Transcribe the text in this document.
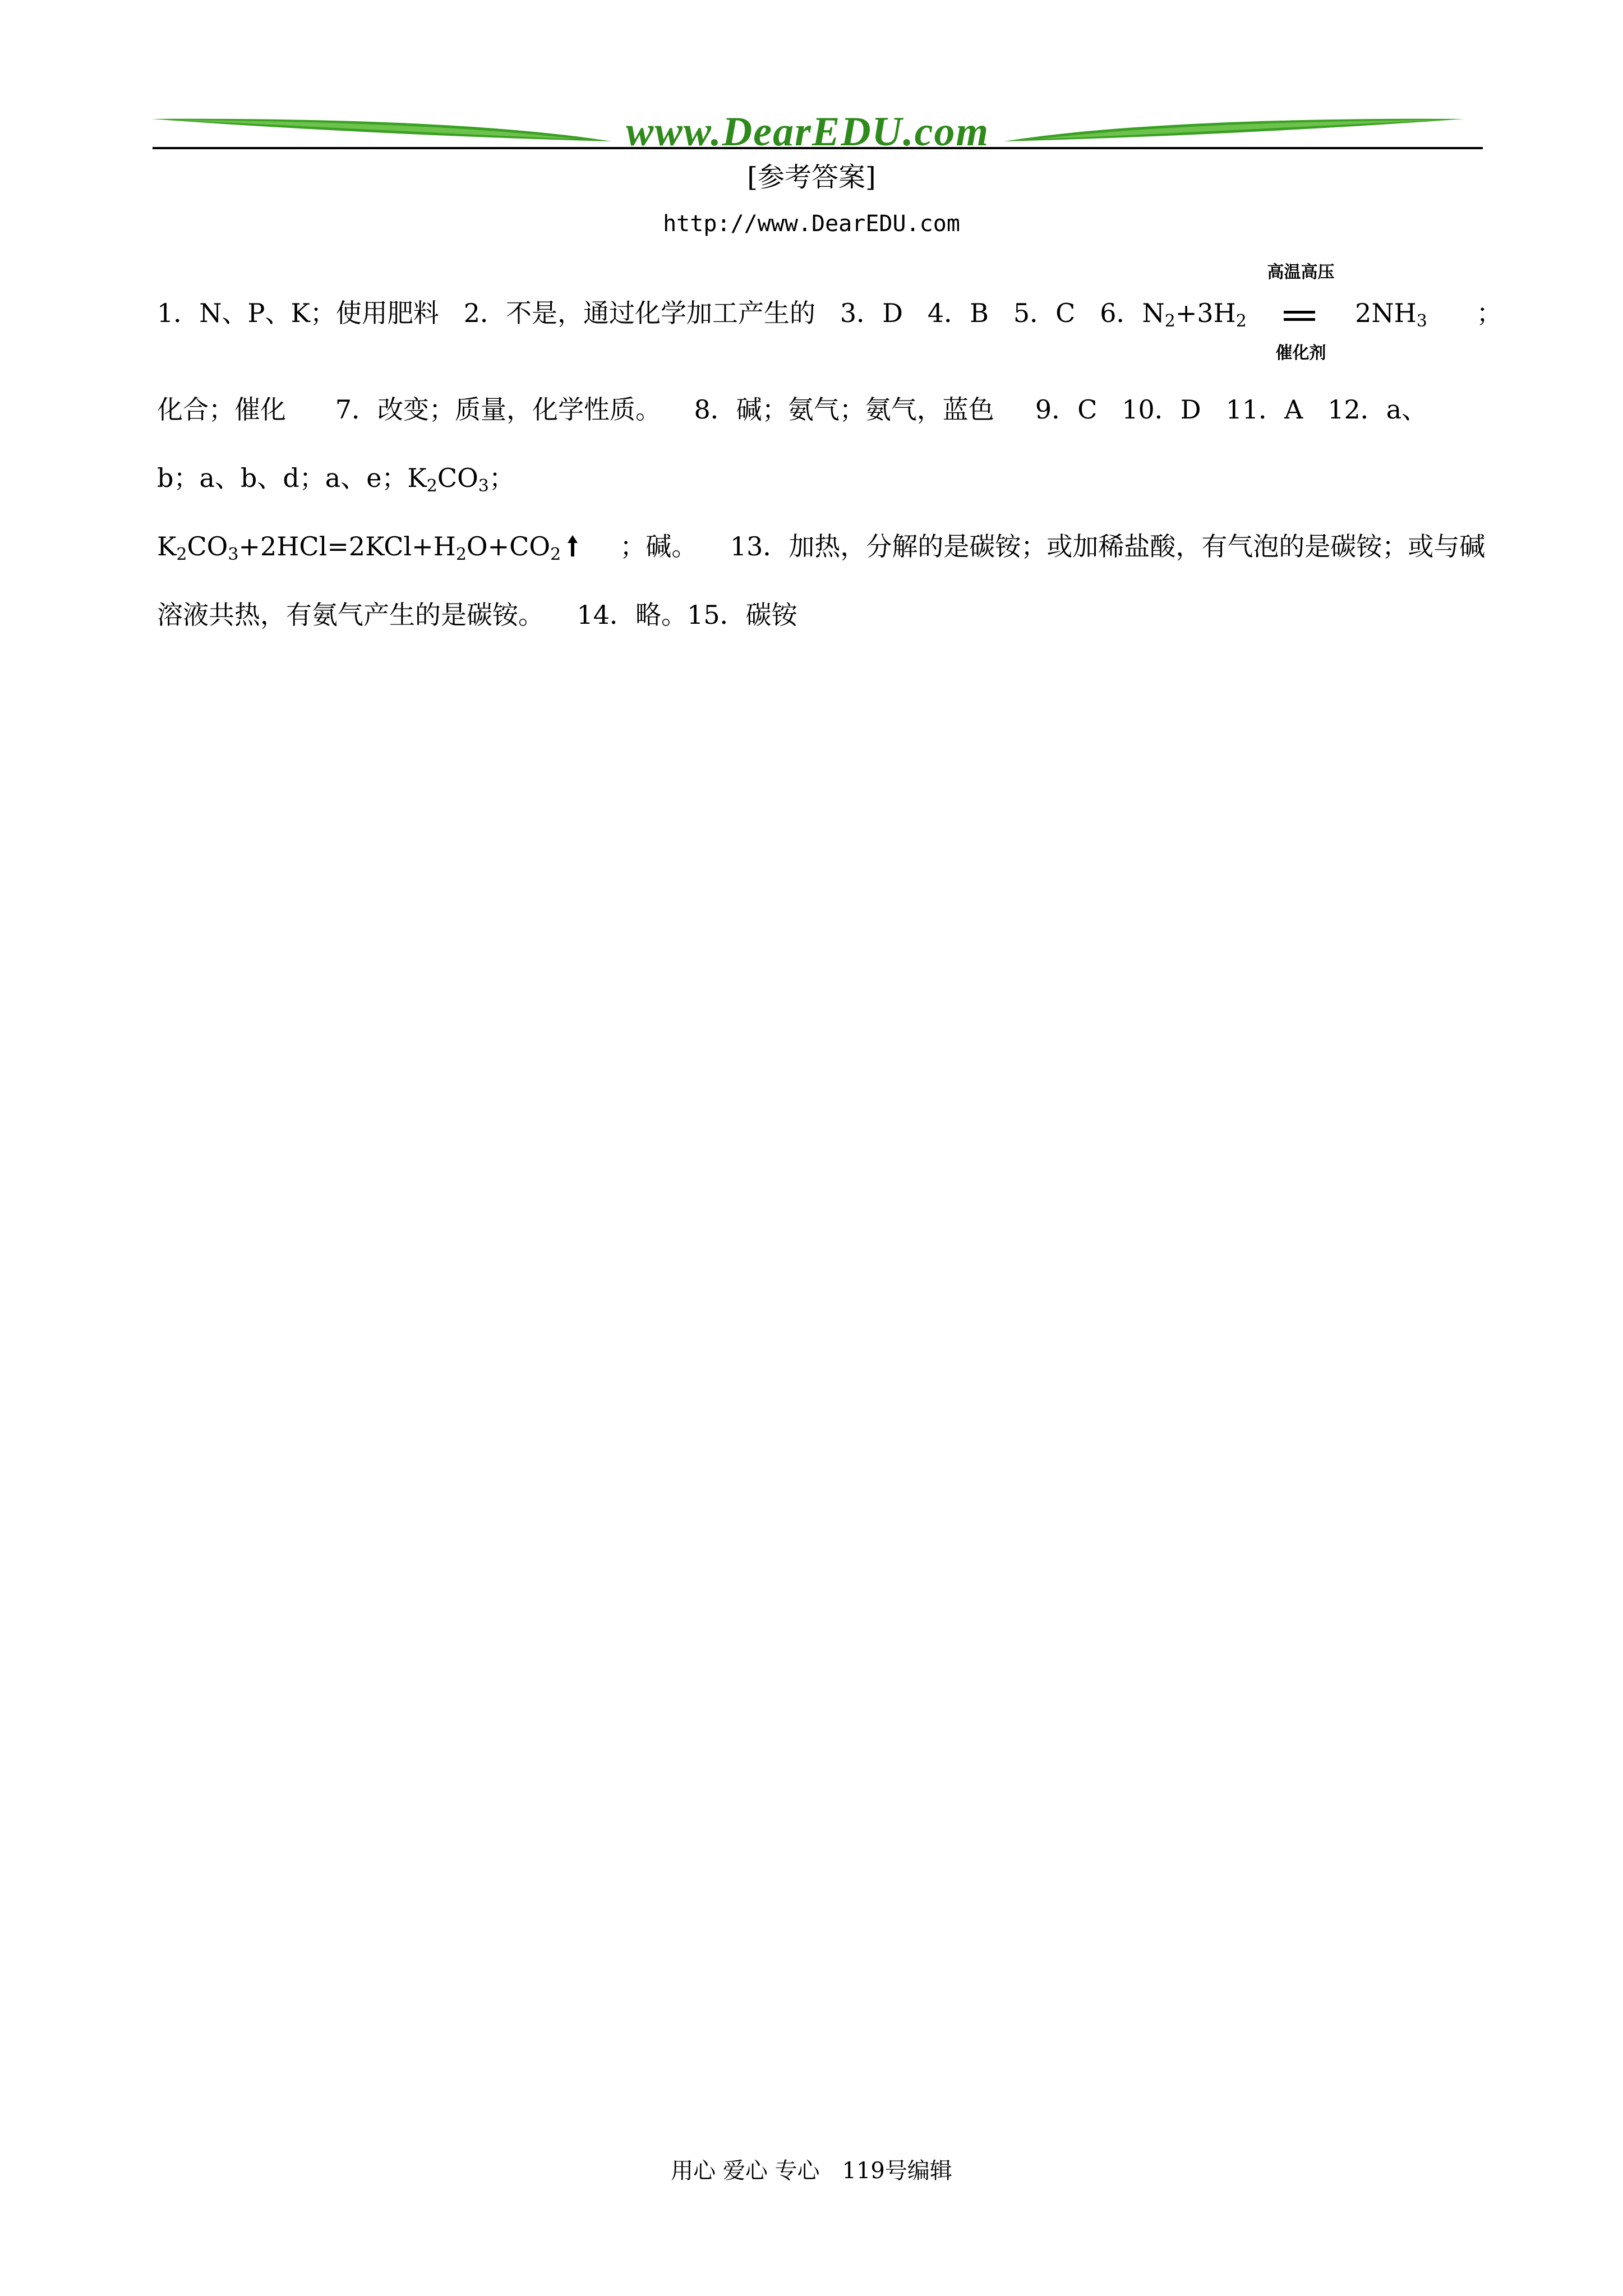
www.DearEDU.com
[参考答案]
http://www.DearEDU.com
1．N、P、K；使用肥料 2．不是，通过化学加工产生的 3．D 4．B 5．C 6．$N_2+3H_2$
高温高压
催化剂
$2NH_3$ ；
化合；催化 7．改变；质量，化学性质。 8．碱；氨气；氨气，蓝色 9．C 10．D 11．A 12．a、
b；a、b、d；a、e；$K_2CO_3$；
$K_2CO_3+2HCl=2KCl+H_2O+CO_2$ ；碱。 13．加热，分解的是碳铵；或加稀盐酸，有气泡的是碳铵；或与碱
溶液共热，有氨气产生的是碳铵。 14．略。15．碳铵
用心 爱心 专心　119号编辑
